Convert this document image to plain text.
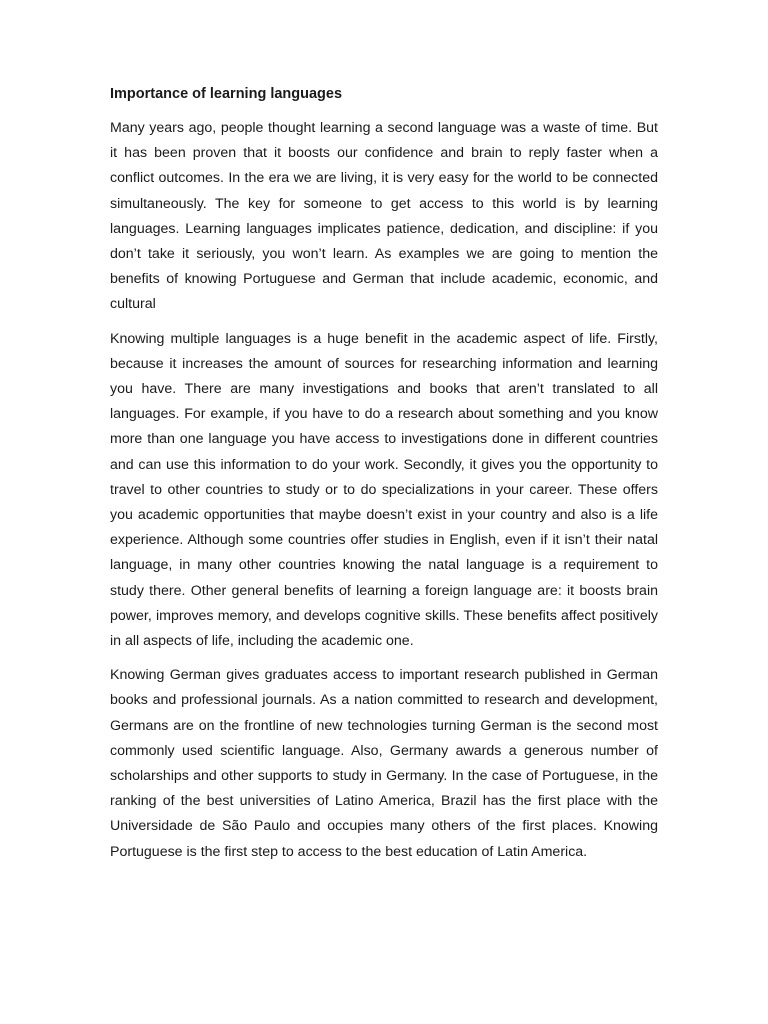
Importance of learning languages

Many years ago, people thought learning a second language was a waste of time. But it has been proven that it boosts our confidence and brain to reply faster when a conflict outcomes. In the era we are living, it is very easy for the world to be connected simultaneously. The key for someone to get access to this world is by learning languages. Learning languages implicates patience, dedication, and discipline: if you don’t take it seriously, you won’t learn. As examples we are going to mention the benefits of knowing Portuguese and German that include academic, economic, and cultural

Knowing multiple languages is a huge benefit in the academic aspect of life. Firstly, because it increases the amount of sources for researching information and learning you have. There are many investigations and books that aren’t translated to all languages. For example, if you have to do a research about something and you know more than one language you have access to investigations done in different countries and can use this information to do your work. Secondly, it gives you the opportunity to travel to other countries to study or to do specializations in your career. These offers you academic opportunities that maybe doesn’t exist in your country and also is a life experience. Although some countries offer studies in English, even if it isn’t their natal language, in many other countries knowing the natal language is a requirement to study there. Other general benefits of learning a foreign language are: it boosts brain power, improves memory, and develops cognitive skills. These benefits affect positively in all aspects of life, including the academic one.

Knowing German gives graduates access to important research published in German books and professional journals. As a nation committed to research and development, Germans are on the frontline of new technologies turning German is the second most commonly used scientific language. Also, Germany awards a generous number of scholarships and other supports to study in Germany. In the case of Portuguese, in the ranking of the best universities of Latino America, Brazil has the first place with the Universidade de São Paulo and occupies many others of the first places. Knowing Portuguese is the first step to access to the best education of Latin America.
